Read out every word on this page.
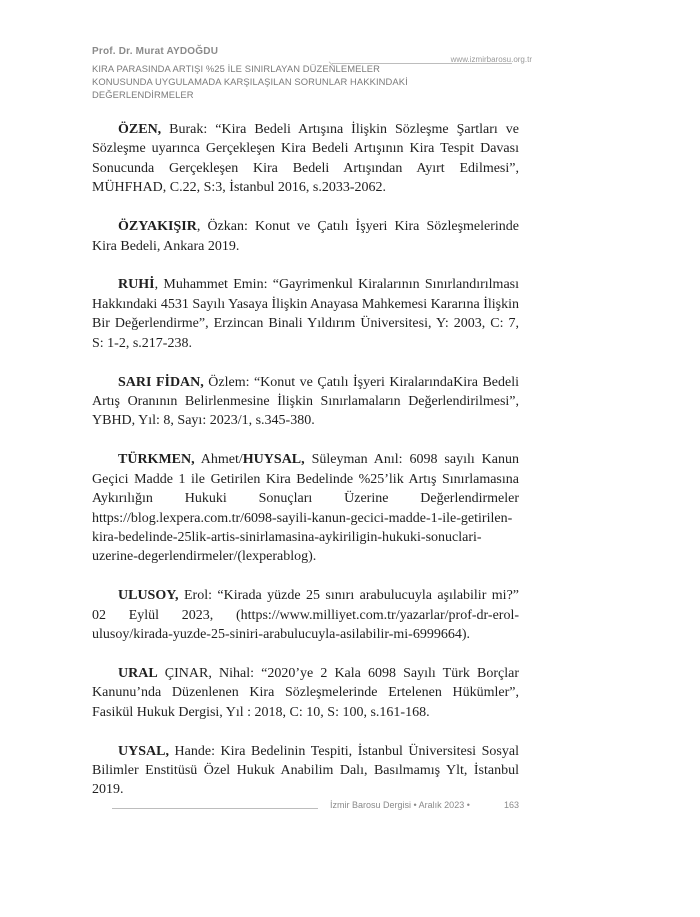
Prof. Dr. Murat AYDOĞDU
www.izmirbarosu.org.tr
KIRA PARASINDA ARTIŞI %25 İLE SINIRLAYAN DÜZENLEMELER KONUSUNDA UYGULAMADA KARŞILAŞILAN SORUNLAR HAKKINDAKİ DEĞERLENDİRMELER

ÖZEN, Burak: “Kira Bedeli Artışına İlişkin Sözleşme Şartları ve Sözleşme uyarınca Gerçekleşen Kira Bedeli Artışının Kira Tespit Davası Sonucunda Gerçekleşen Kira Bedeli Artışından Ayırt Edilmesi”, MÜHFHAD, C.22, S:3, İstanbul 2016, s.2033-2062.

ÖZYAKIŞIR, Özkan: Konut ve Çatılı İşyeri Kira Sözleşmelerinde Kira Bedeli, Ankara 2019.

RUHİ, Muhammet Emin: “Gayrimenkul Kiralarının Sınırlandırılması Hakkındaki 4531 Sayılı Yasaya İlişkin Anayasa Mahkemesi Kararına İlişkin Bir Değerlendirme”, Erzincan Binali Yıldırım Üniversitesi, Y: 2003, C: 7, S: 1-2, s.217-238.

SARI FİDAN, Özlem: “Konut ve Çatılı İşyeri KiralarındaKira Bedeli Artış Oranının Belirlenmesine İlişkin Sınırlamaların Değerlendirilmesi”, YBHD, Yıl: 8, Sayı: 2023/1, s.345-380.

TÜRKMEN, Ahmet/HUYSAL, Süleyman Anıl: 6098 sayılı Kanun Geçici Madde 1 ile Getirilen Kira Bedelinde %25’lik Artış Sınırlamasına Aykırılığın Hukuki Sonuçları Üzerine Değerlendirmeler https://blog.lexpera.com.tr/6098-sayili-kanun-gecici-madde-1-ile-getirilen-kira-bedelinde-25lik-artis-sinirlamasina-aykiriligin-hukuki-sonuclari-uzerine-degerlendirmeler/(lexperablog).

ULUSOY, Erol: “Kirada yüzde 25 sınırı arabulucuyla aşılabilir mi?” 02 Eylül 2023, (https://www.milliyet.com.tr/yazarlar/prof-dr-erol-ulusoy/kirada-yuzde-25-siniri-arabulucuyla-asilabilir-mi-6999664).

URAL ÇINAR, Nihal: “2020’ye 2 Kala 6098 Sayılı Türk Borçlar Kanunu’nda Düzenlenen Kira Sözleşmelerinde Ertelenen Hükümler”, Fasikül Hukuk Dergisi, Yıl : 2018, C: 10, S: 100, s.161-168.

UYSAL, Hande: Kira Bedelinin Tespiti, İstanbul Üniversitesi Sosyal Bilimler Enstitüsü Özel Hukuk Anabilim Dalı, Basılmamış Ylt, İstanbul 2019.

İzmir Barosu Dergisi • Aralık 2023 •	163
